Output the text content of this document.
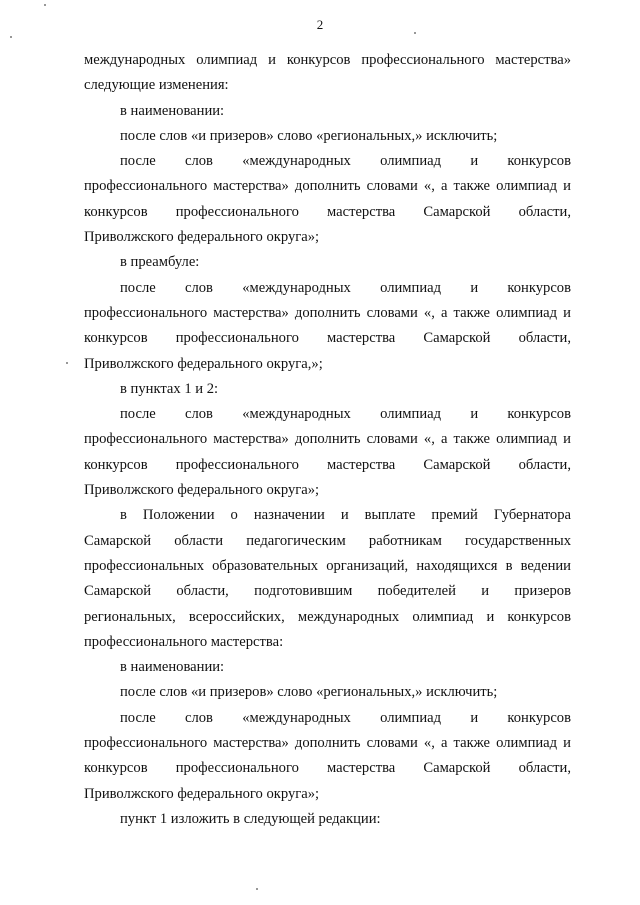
2
международных олимпиад и конкурсов профессионального мастерства»
следующие изменения:
в наименовании:
после слов «и призеров» слово «региональных,» исключить;
после слов «международных олимпиад и конкурсов
профессионального мастерства» дополнить словами «, а также олимпиад и
конкурсов профессионального мастерства Самарской области,
Приволжского федерального округа»;
в преамбуле:
после слов «международных олимпиад и конкурсов
профессионального мастерства» дополнить словами «, а также олимпиад и
конкурсов профессионального мастерства Самарской области,
Приволжского федерального округа,»;
в пунктах 1 и 2:
после слов «международных олимпиад и конкурсов
профессионального мастерства» дополнить словами «, а также олимпиад и
конкурсов профессионального мастерства Самарской области,
Приволжского федерального округа»;
в Положении о назначении и выплате премий Губернатора
Самарской области педагогическим работникам государственных
профессиональных образовательных организаций, находящихся в ведении
Самарской области, подготовившим победителей и призеров
региональных, всероссийских, международных олимпиад и конкурсов
профессионального мастерства:
в наименовании:
после слов «и призеров» слово «региональных,» исключить;
после слов «международных олимпиад и конкурсов
профессионального мастерства» дополнить словами «, а также олимпиад и
конкурсов профессионального мастерства Самарской области,
Приволжского федерального округа»;
пункт 1 изложить в следующей редакции:
